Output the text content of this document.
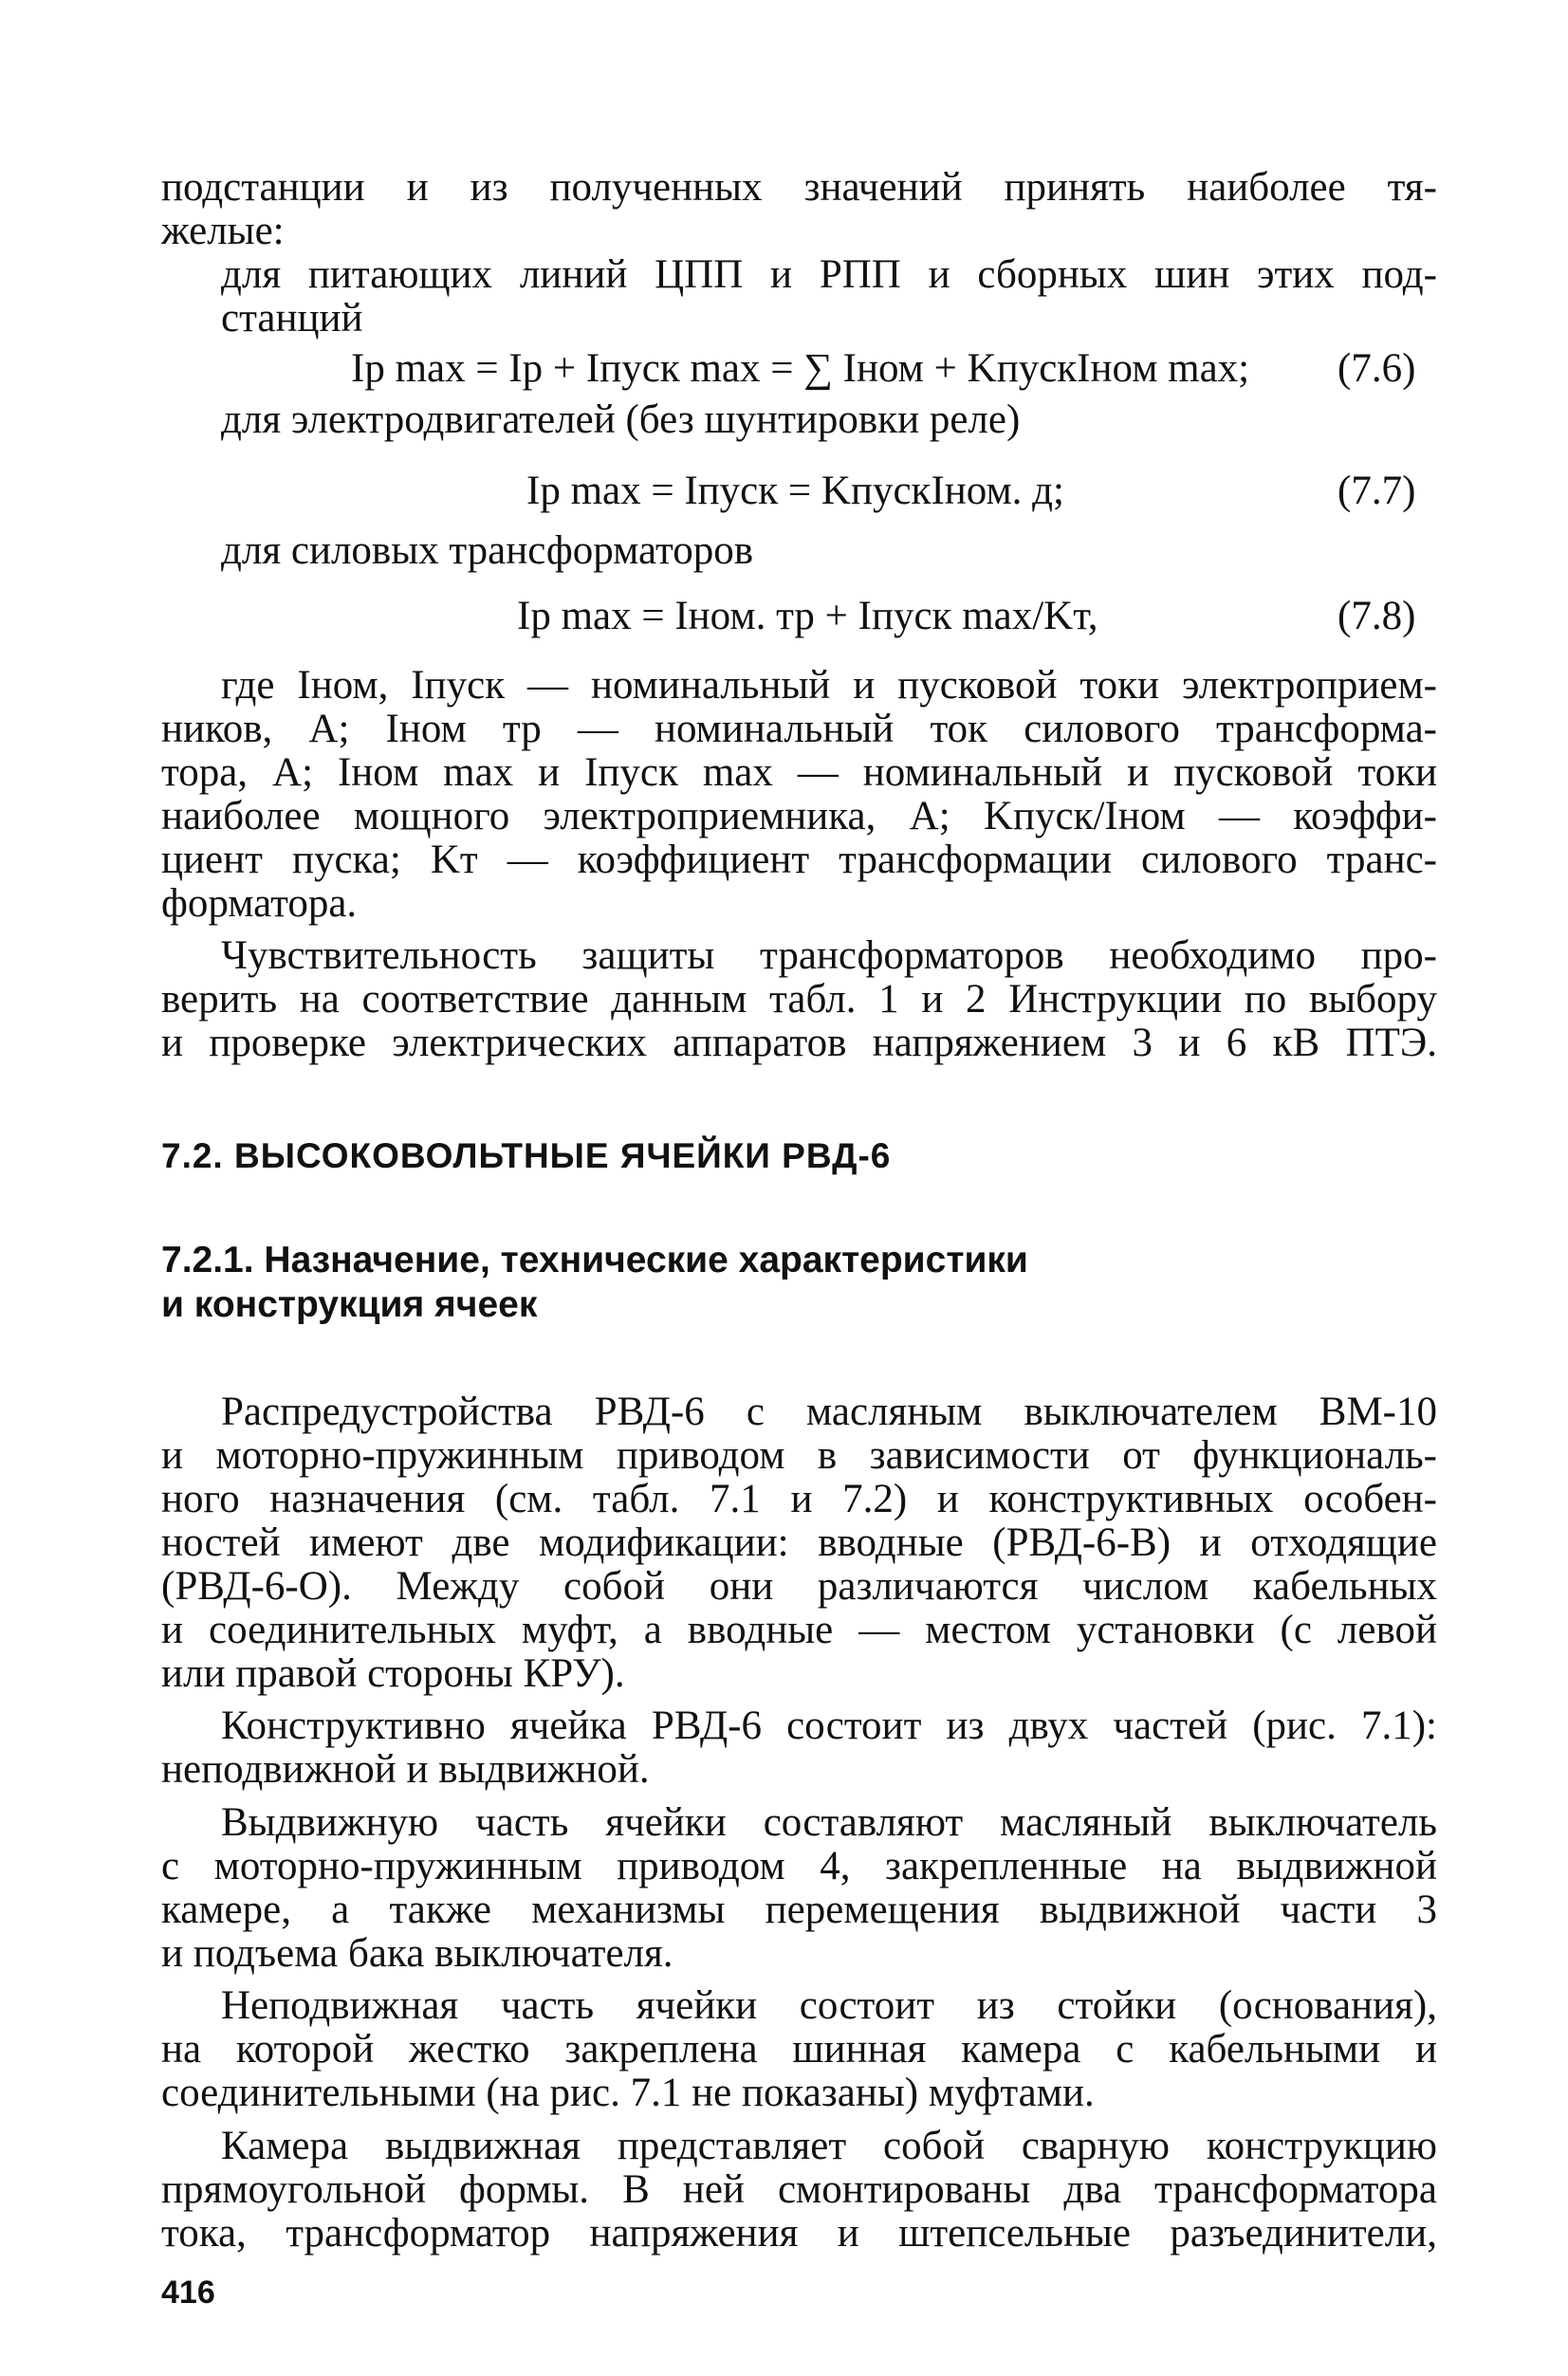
подстанции и из полученных значений принять наиболее тя-
желые:
для питающих линий ЦПП и РПП и сборных шин этих под-
станций
Iр max = Iр + Iпуск max = ∑ Iном + KпускIном max; (7.6)
для электродвигателей (без шунтировки реле)
Iр max = Iпуск = KпускIном. д;	(7.7)
для силовых трансформаторов
Iр max = Iном. тр + Iпуск max/Kт,	(7.8)
где Iном, Iпуск — номинальный и пусковой токи электроприем-
ников, А; Iном тр — номинальный ток силового трансформа-
тора, А; Iном max и Iпуск max — номинальный и пусковой токи
наиболее мощного электроприемника, А; Kпуск/Iном — коэффи-
циент пуска; Kт — коэффициент трансформации силового транс-
форматора.
Чувствительность защиты трансформаторов необходимо про-
верить на соответствие данным табл. 1 и 2 Инструкции по выбору
и проверке электрических аппаратов напряжением 3 и 6 кВ ПТЭ.
7.2. ВЫСОКОВОЛЬТНЫЕ ЯЧЕЙКИ РВД-6
7.2.1. Назначение, технические характеристики
и конструкция ячеек
Распредустройства РВД-6 с масляным выключателем ВМ-10
и моторно-пружинным приводом в зависимости от функциональ-
ного назначения (см. табл. 7.1 и 7.2) и конструктивных особен-
ностей имеют две модификации: вводные (РВД-6-В) и отходящие
(РВД-6-О). Между собой они различаются числом кабельных
и соединительных муфт, а вводные — местом установки (с левой
или правой стороны КРУ).
Конструктивно ячейка РВД-6 состоит из двух частей (рис. 7.1):
неподвижной и выдвижной.
Выдвижную часть ячейки составляют масляный выключатель
с моторно-пружинным приводом 4, закрепленные на выдвижной
камере, а также механизмы перемещения выдвижной части 3
и подъема бака выключателя.
Неподвижная часть ячейки состоит из стойки (основания),
на которой жестко закреплена шинная камера с кабельными и
соединительными (на рис. 7.1 не показаны) муфтами.
Камера выдвижная представляет собой сварную конструкцию
прямоугольной формы. В ней смонтированы два трансформатора
тока, трансформатор напряжения и штепсельные разъединители,
416
